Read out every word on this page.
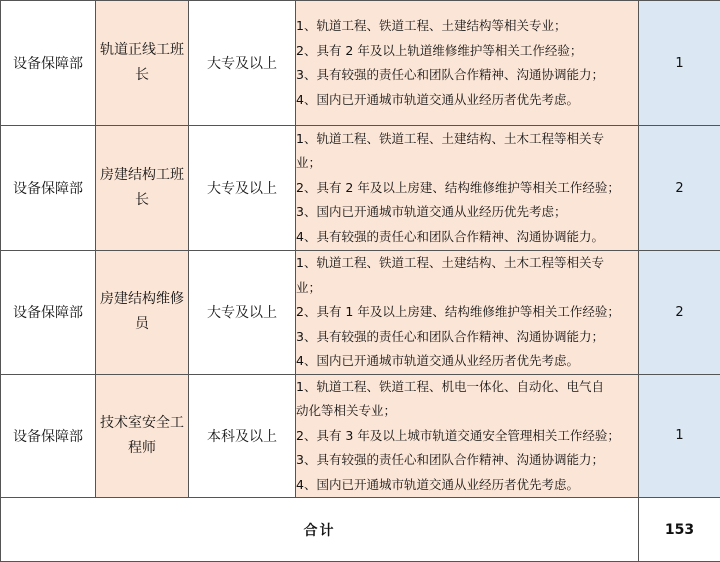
设备保障部	轨道正线工班
长	大专及以上	1、轨道工程、铁道工程、土建结构等相关专业；
2、具有 2 年及以上轨道维修维护等相关工作经验；
3、具有较强的责任心和团队合作精神、沟通协调能力；
4、国内已开通城市轨道交通从业经历者优先考虑。	1
设备保障部	房建结构工班
长	大专及以上	1、轨道工程、铁道工程、土建结构、土木工程等相关专
业；
2、具有 2 年及以上房建、结构维修维护等相关工作经验；
3、国内已开通城市轨道交通从业经历优先考虑；
4、具有较强的责任心和团队合作精神、沟通协调能力。	2
设备保障部	房建结构维修
员	大专及以上	1、轨道工程、铁道工程、土建结构、土木工程等相关专
业；
2、具有 1 年及以上房建、结构维修维护等相关工作经验；
3、具有较强的责任心和团队合作精神、沟通协调能力；
4、国内已开通城市轨道交通从业经历者优先考虑。	2
设备保障部	技术室安全工
程师	本科及以上	1、轨道工程、铁道工程、机电一体化、自动化、电气自
动化等相关专业；
2、具有 3 年及以上城市轨道交通安全管理相关工作经验；
3、具有较强的责任心和团队合作精神、沟通协调能力；
4、国内已开通城市轨道交通从业经历者优先考虑。	1
合计				153
